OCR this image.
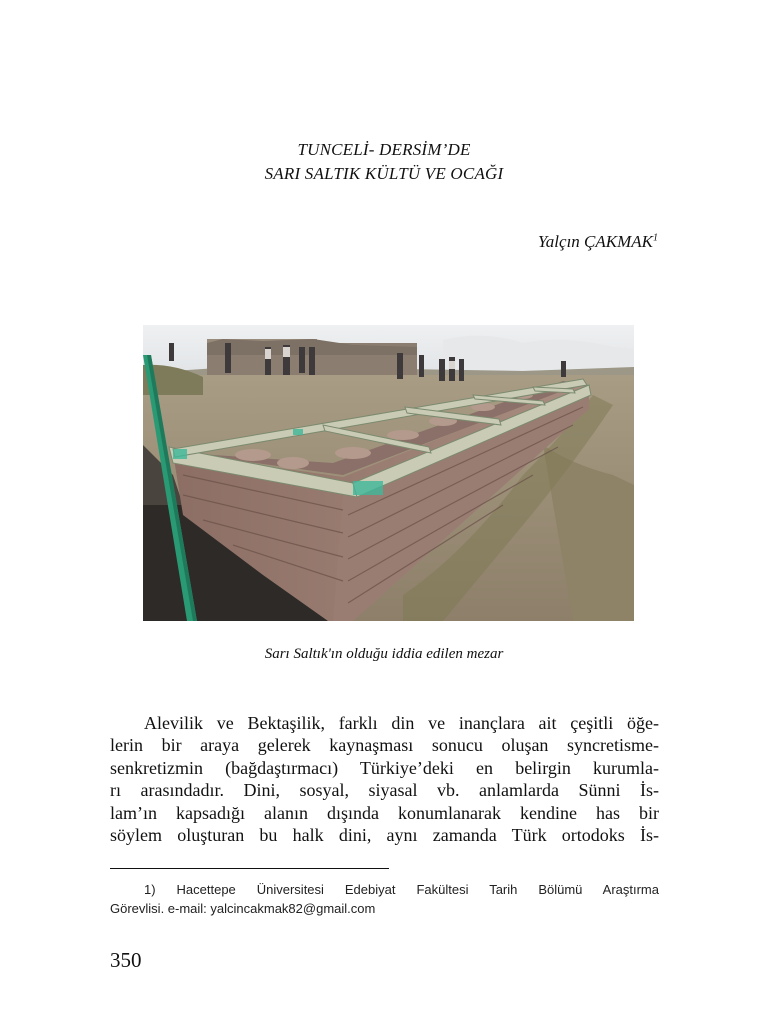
TUNCELİ- DERSİM’DE
SARI SALTIK KÜLTÜ VE OCAĞI
Yalçın ÇAKMAK$^1$
Sarı Saltık'ın olduğu iddia edilen mezar
Alevilik ve Bektaşilik, farklı din ve inançlara ait çeşitli öğe-
lerin bir araya gelerek kaynaşması sonucu oluşan syncretisme-
senkretizmin (bağdaştırmacı) Türkiye’deki en belirgin kurumla-
rı arasındadır. Dini, sosyal, siyasal vb. anlamlarda Sünni İs-
lam’ın kapsadığı alanın dışında konumlanarak kendine has bir
söylem oluşturan bu halk dini, aynı zamanda Türk ortodoks İs-
1) Hacettepe Üniversitesi Edebiyat Fakültesi Tarih Bölümü Araştırma
Görevlisi. e-mail: yalcincakmak82@gmail.com
350
